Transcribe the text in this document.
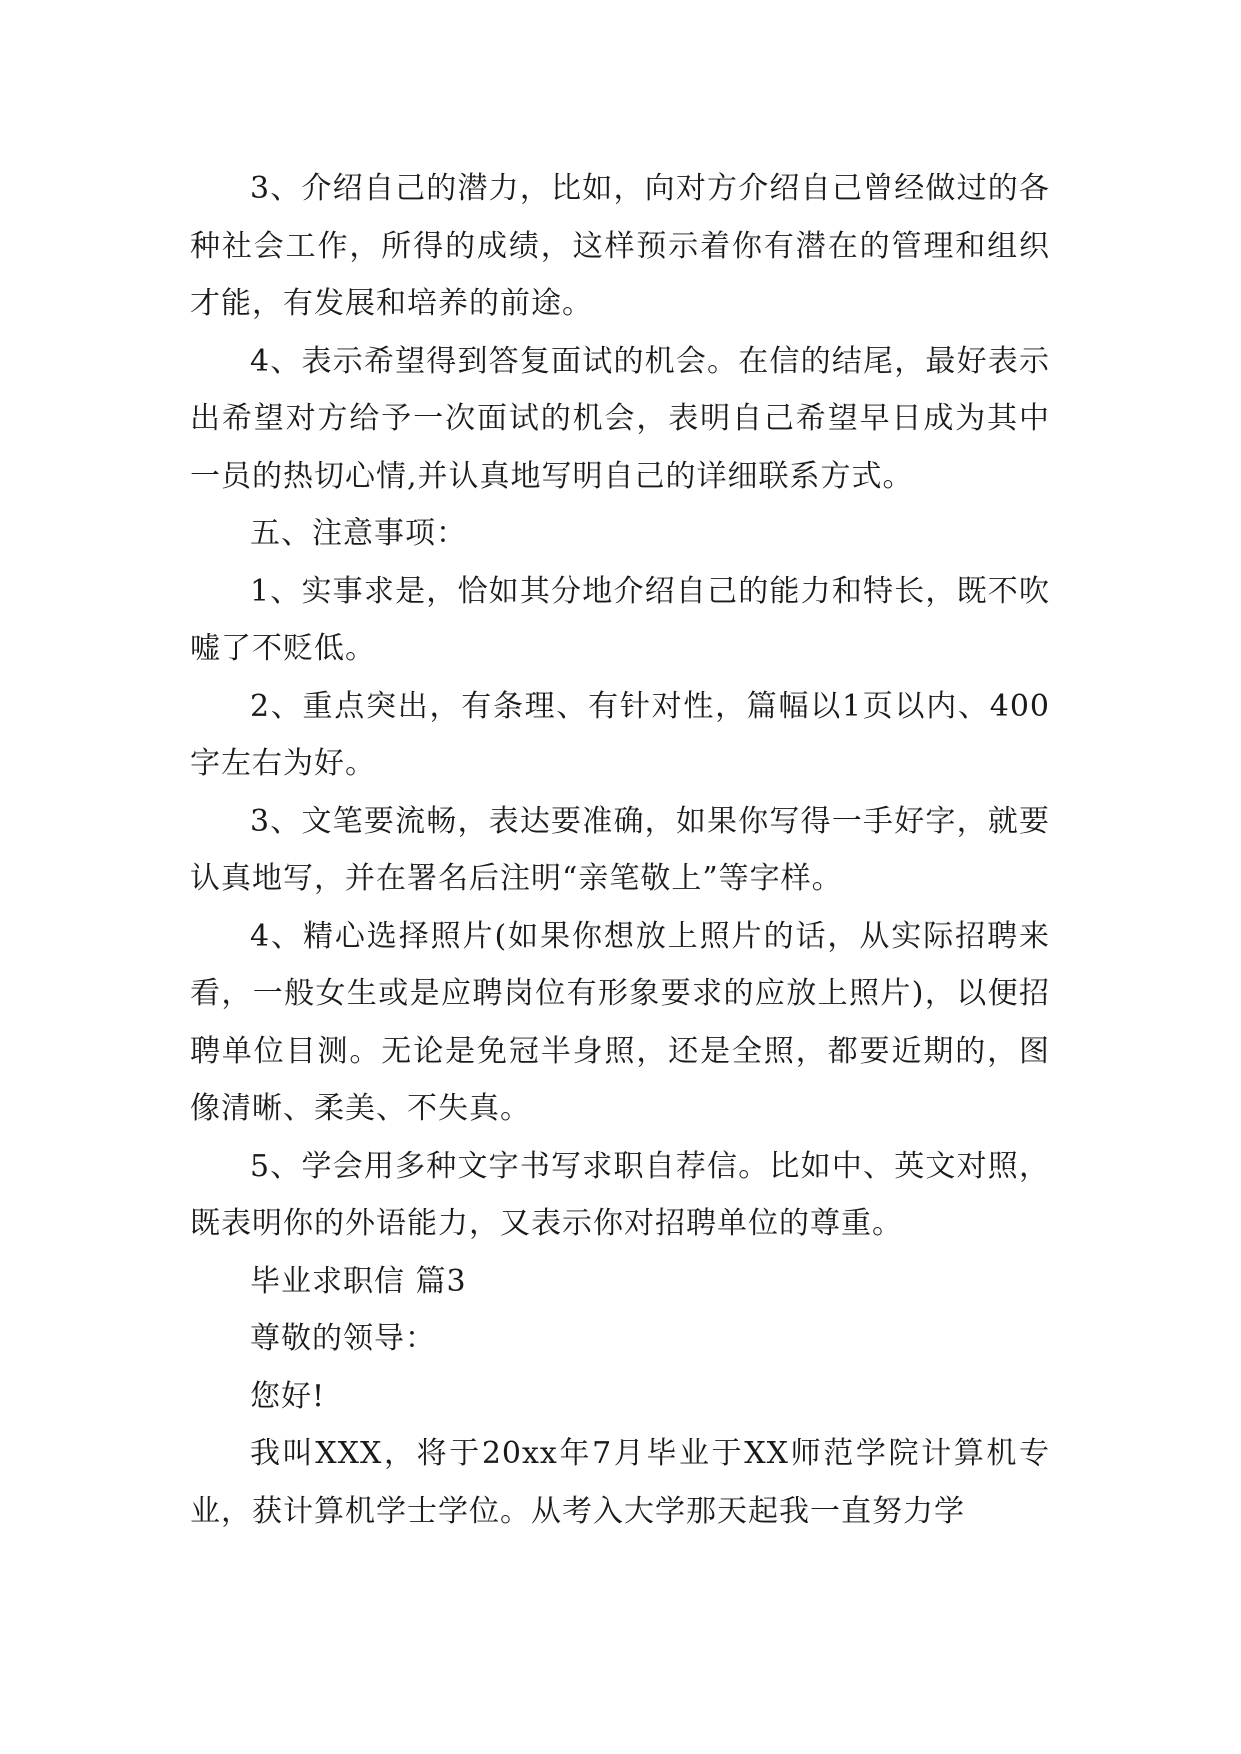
3、介绍自己的潜力，比如，向对方介绍自己曾经做过的各种社会工作，所得的成绩，这样预示着你有潜在的管理和组织才能，有发展和培养的前途。

4、表示希望得到答复面试的机会。在信的结尾，最好表示出希望对方给予一次面试的机会，表明自己希望早日成为其中一员的热切心情,并认真地写明自己的详细联系方式。

五、注意事项：

1、实事求是，恰如其分地介绍自己的能力和特长，既不吹嘘了不贬低。

2、重点突出，有条理、有针对性，篇幅以1页以内、400字左右为好。

3、文笔要流畅，表达要准确，如果你写得一手好字，就要认真地写，并在署名后注明“亲笔敬上”等字样。

4、精心选择照片(如果你想放上照片的话，从实际招聘来看，一般女生或是应聘岗位有形象要求的应放上照片)，以便招聘单位目测。无论是免冠半身照，还是全照，都要近期的，图像清晰、柔美、不失真。

5、学会用多种文字书写求职自荐信。比如中、英文对照，既表明你的外语能力，又表示你对招聘单位的尊重。

毕业求职信 篇3

尊敬的领导：

您好!

我叫XXX，将于20xx年7月毕业于XX师范学院计算机专业，获计算机学士学位。从考入大学那天起我一直努力学
